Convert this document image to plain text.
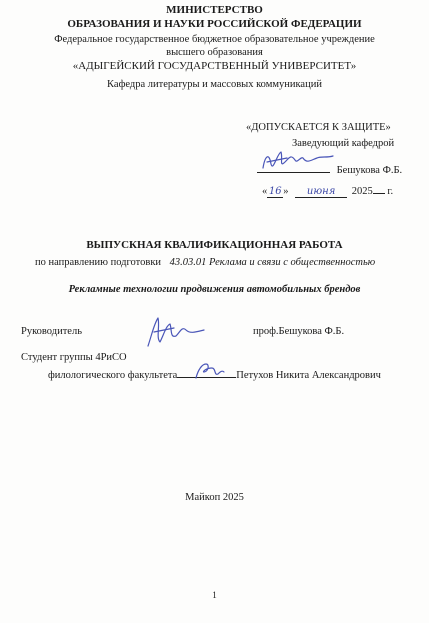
МИНИСТЕРСТВО
ОБРАЗОВАНИЯ И НАУКИ РОССИЙСКОЙ ФЕДЕРАЦИИ
Федеральное государственное бюджетное образовательное учреждение
высшего образования
«АДЫГЕЙСКИЙ ГОСУДАРСТВЕННЫЙ УНИВЕРСИТЕТ»
Кафедра литературы и массовых коммуникаций
«ДОПУСКАЕТСЯ К ЗАЩИТЕ»
Заведующий кафедрой
Бешукова Ф.Б.
« 16 » июня 2025 г.
ВЫПУСКНАЯ КВАЛИФИКАЦИОННАЯ РАБОТА
по направлению подготовки 43.03.01 Реклама и связи с общественностью
Рекламные технологии продвижения автомобильных брендов
Руководитель	проф.Бешукова Ф.Б.
Студент группы 4РиСО
филологического факультета	Петухов Никита Александрович
Майкоп 2025
1
